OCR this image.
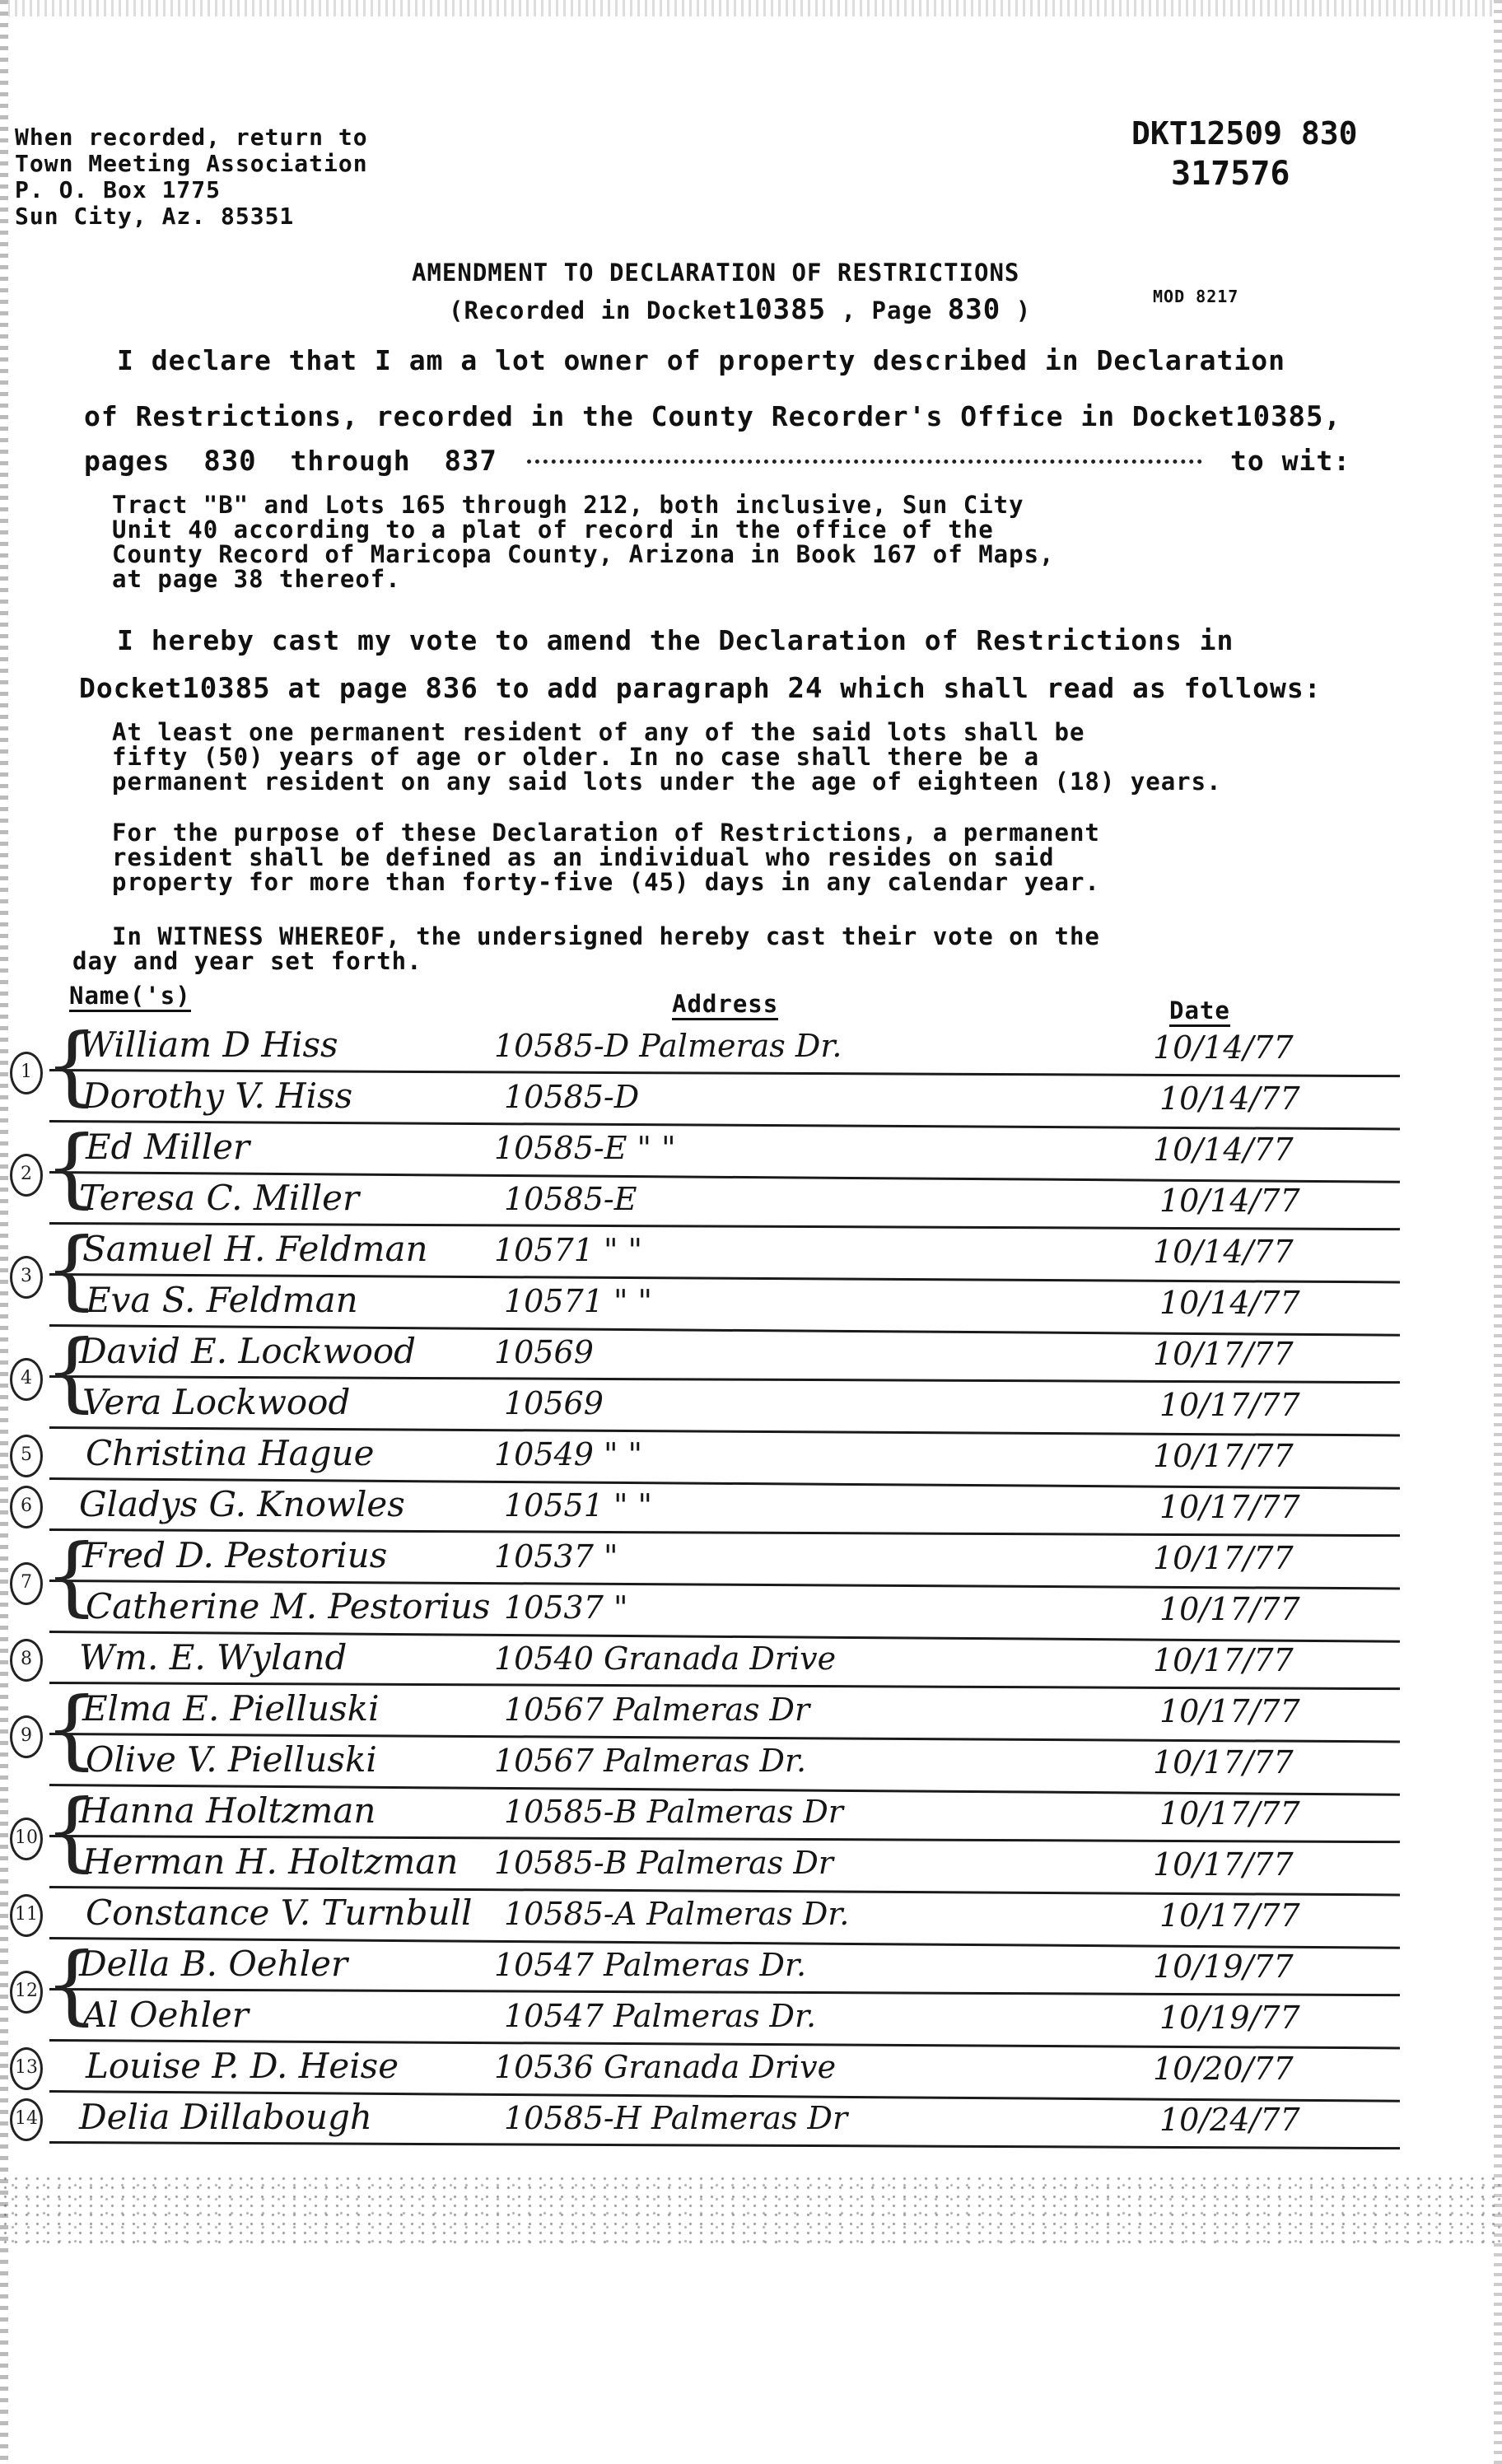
When recorded, return to
Town Meeting Association
P. O. Box 1775
Sun City, Az. 85351
DKT12509 830
317576
MOD 8217
AMENDMENT TO DECLARATION OF RESTRICTIONS
(Recorded in Docket10385 , Page 830 )
I declare that I am a lot owner of property described in Declaration
of Restrictions, recorded in the County Recorder's Office in Docket10385,
pages 830 through 837	to wit:
Tract "B" and Lots 165 through 212, both inclusive, Sun City
Unit 40 according to a plat of record in the office of the
County Record of Maricopa County, Arizona in Book 167 of Maps,
at page 38 thereof.
I hereby cast my vote to amend the Declaration of Restrictions in
Docket10385 at page 836 to add paragraph 24 which shall read as follows:
At least one permanent resident of any of the said lots shall be
fifty (50) years of age or older. In no case shall there be a
permanent resident on any said lots under the age of eighteen (18) years.
For the purpose of these Declaration of Restrictions, a permanent
resident shall be defined as an individual who resides on said
property for more than forty-five (45) days in any calendar year.
In WITNESS WHEREOF, the undersigned hereby cast their vote on the
day and year set forth.
Name('s)	Address	Date
William D Hiss	10585-D Palmeras Dr.	10/14/77
Dorothy V. Hiss	10585-D	10/14/77
Ed Miller	10585-E " "	10/14/77
Teresa C. Miller	10585-E	10/14/77
Samuel H. Feldman 10571 " "	10/14/77
Eva S. Feldman	10571 " "	10/14/77
David E. Lockwood 10569	10/17/77
Vera Lockwood	10569	10/17/77
Christina Hague	10549 " "	10/17/77
Gladys G. Knowles	10551 " "	10/17/77
Fred D. Pestorius	10537 "	10/17/77
Catherine M. Pestorius 10537 "	10/17/77
Wm. E. Wyland	10540 Granada Drive	10/17/77
Elma E. Pielluski	10567 Palmeras Dr	10/17/77
Olive V. Pielluski	10567 Palmeras Dr.	10/17/77
Hanna Holtzman	10585-B Palmeras Dr	10/17/77
Herman H. Holtzman 10585-B Palmeras Dr	10/17/77
Constance V. Turnbull 10585-A Palmeras Dr.	10/17/77
Della B. Oehler	10547 Palmeras Dr.	10/19/77
Al Oehler	10547 Palmeras Dr.	10/19/77
Louise P. D. Heise	10536 Granada Drive	10/20/77
Delia Dillabough	10585-H Palmeras Dr	10/24/77
1 {
2 {
3 {
4 {
5
6
7 {
8
9 {
10 {
11
12 {
13
14
